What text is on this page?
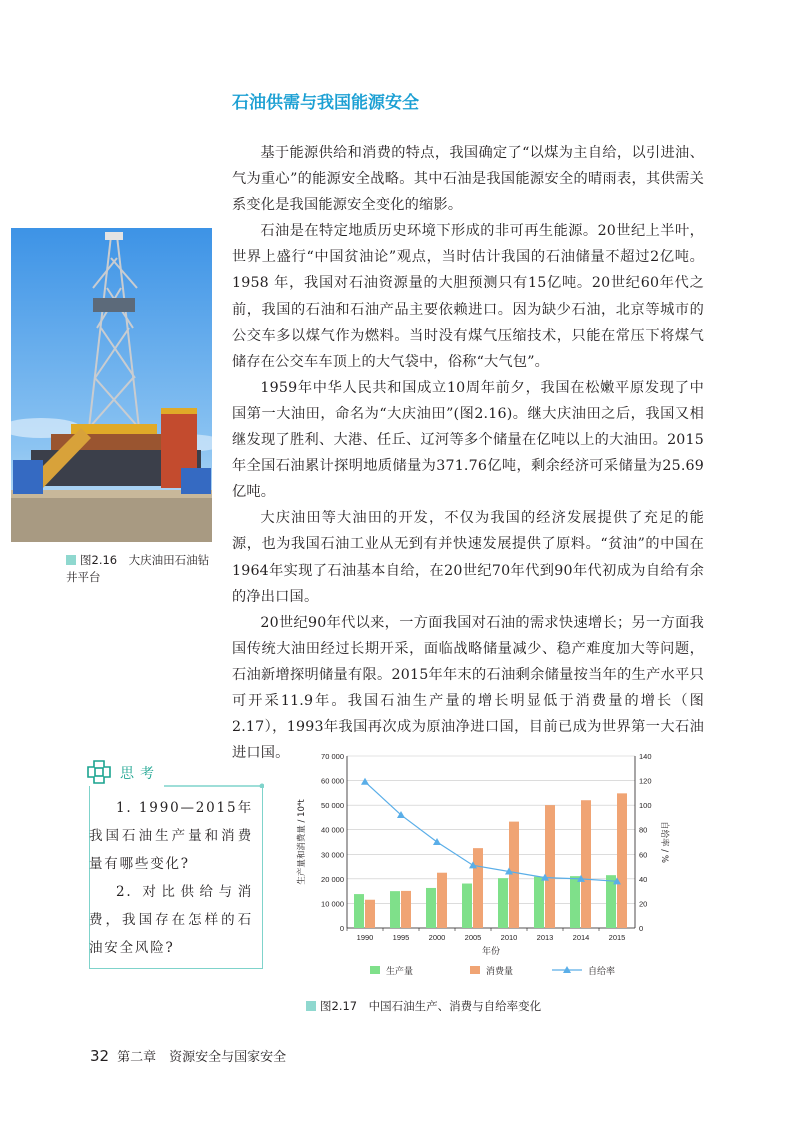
石油供需与我国能源安全

基于能源供给和消费的特点，我国确定了“以煤为主自给，以引进油、气为重心”的能源安全战略。其中石油是我国能源安全的晴雨表，其供需关系变化是我国能源安全变化的缩影。

石油是在特定地质历史环境下形成的非可再生能源。20世纪上半叶，世界上盛行“中国贫油论”观点，当时估计我国的石油储量不超过2亿吨。1958 年，我国对石油资源量的大胆预测只有15亿吨。20世纪60年代之前，我国的石油和石油产品主要依赖进口。因为缺少石油，北京等城市的公交车多以煤气作为燃料。当时没有煤气压缩技术，只能在常压下将煤气储存在公交车车顶上的大气袋中，俗称“大气包”。

1959年中华人民共和国成立10周年前夕，我国在松嫩平原发现了中国第一大油田，命名为“大庆油田”(图2.16)。继大庆油田之后，我国又相继发现了胜利、大港、任丘、辽河等多个储量在亿吨以上的大油田。2015年全国石油累计探明地质储量为371.76亿吨，剩余经济可采储量为25.69亿吨。

大庆油田等大油田的开发，不仅为我国的经济发展提供了充足的能源，也为我国石油工业从无到有并快速发展提供了原料。“贫油”的中国在1964年实现了石油基本自给，在20世纪70年代到90年代初成为自给有余的净出口国。

20世纪90年代以来，一方面我国对石油的需求快速增长；另一方面我国传统大油田经过长期开采，面临战略储量减少、稳产难度加大等问题，石油新增探明储量有限。2015年年末的石油剩余储量按当年的生产水平只可开采11.9年。我国石油生产量的增长明显低于消费量的增长（图2.17），1993年我国再次成为原油净进口国，目前已成为世界第一大石油进口国。

图2.16　大庆油田石油钻井平台
思考

1. 1990—2015年我国石油生产量和消费量有哪些变化?

2. 对比供给与消费，我国存在怎样的石油安全风险?

0	0
10 000	20
20 000	40
30 000	60
40 000	80
50 000	100
60 000	120
70 000	140
1990	1995	2000	2005	2010	2013	2014	2015
年份
生产量和消费量 / 10⁴t	自给率 / %
生产量	消费量	自给率
图2.17　中国石油生产、消费与自给率变化
32 第二章　资源安全与国家安全
